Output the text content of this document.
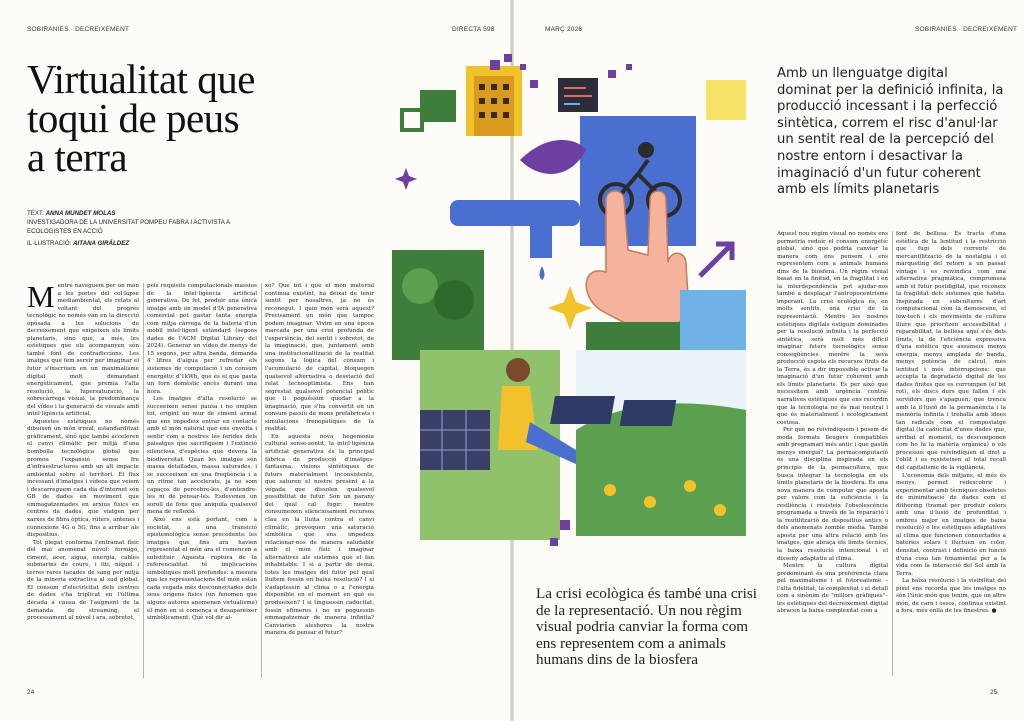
SOBIRANIES · DECREIXEMENT	DIRECTA 598	MARÇ 2026	SOBIRANIES · DECREIXEMENT
Virtualitat que toqui de peus a terra
TEXT: ANNA MUNDET MOLAS
INVESTIGADORA DE LA UNIVERSITAT POMPEU FABRA I ACTIVISTA A ECOLOGISTES EN ACCIÓ
IL·LUSTRACIÓ: AITANA GIRÁLDEZ

Mentre naveguem per un món a les portes del col·lapse mediambiental, els relats al voltant del progrés tecnològic no només van en la direcció oposada a les solucions de decreixement que exigeixen els límits planetaris, sinó que, a més, les estètiques que els acompanyen són també font de contradiccions. Les imatges que fem servir per imaginar el futur s'inscriuen en un maximalisme digital molt demandant energèticament, que premia l'alta resolució, la hipersaturació, la sobrecàrrega visual, la predominança del vídeo i la generació de visuals amb intel·ligència artificial.

Aquestes estètiques no només dibuixen un món irreal, estandarditzat gràficament, sinó que també acceleren el canvi climàtic per mitjà d'una bombolla tecnològica global que promou l'expansió sense fre d'infraestructures amb un alt impacte ambiental sobre el territori. El flux incessant d'imatges i vídeos que veiem i descarreguem cada dia d'internet són GB de dades en moviment que emmagatzemades en arxius físics en centres de dades, que viatgen per xarxes de fibra òptica, rúters, antenes i connexions 4G o 5G, fins a arribar als dispositius.

Tot plegat conforma l'entramat físic del mal anomenat núvol: formigó, ciment, acer, aigua, energia, cables submarins de coure, i liti, níquel i terres rares tacades de sang per mitjà de la mineria extractiva al sud global. El consum d'electricitat dels centres de dades s'ha triplicat en l'última dècada a causa de l'augment de la demanda de streaming, el processament al núvol i ara, sobretot,

pels requisits computacionals massius de la intel·ligència artificial generativa. De fet, produir una única imatge amb un model d'IA generativa comercial pot gastar tanta energia com mitja càrrega de la bateria d'un mòbil intel·ligent estàndard (segons dades de l'ACM Digital Library del 2024). Generar un vídeo de menys de 15 segons, per altra banda, demanda 4 litres d'aigua per refredar els sistemes de computació i un consum energètic d'1kWh, que és el que gasta un forn domèstic encès durant una hora.

Les imatges d'alta resolució se succeeixen sense pausa i no omplen tot, erigint un mur de ciment armat que ens impedeix entrar en contacte amb el món natural que ens envolta i sentir com a nostres les ferides dels paisatges que sacrifiquem i l'extinció silenciosa d'espècies que devora la biodiversitat. Quan les imatges són massa detallades, massa saturades, i se succeeixen en una freqüència i a un ritme tan accelerats, ja no som capaços de percebre-les, d'entendre-les ni de pensar-les. Esdevenen un soroll de fons que aniquila qualsevol mena de reflexió.

Això ens està portant, com a societat, a una transició epistemològica sense precedents: les imatges que fins ara havien representat el món ara el comencen a substituir. Aquesta ruptura de la referencialitat té implicacions simbòliques molt profundes: a mesura que les representacions del món estan cada vegada més desconnectades dels seus orígens físics (un fenomen que alguns autores anomenen virtualisme) el món en si comença a desaparèixer simbòlicament. Què vol dir ai-

xò? Que tot i que el món material continua existint, ha deixat de tenir sentit per nosaltres, ja no és reconegut. I quin món serà aquest? Precisament un món que tampoc podem imaginar. Vivim en una època marcada per una crisi profunda de l'experiència, del sentit i sobretot, de la imaginació, que, juntament amb una institucionalització de la realitat segons la lògica del consum i l'acumulació de capital, bloquegen qualsevol alternativa o desviació del relat tecnooptimista. Ens han segrestat qualsevol potencial polític que li poguéssim quedar a la imaginació, que s'ha convertit en un consum passiu de mons prefabricats i simulacions frenopàtiques de la realitat.

En aquesta nova hegemonia cultural sense-sentit, la intel·ligència artificial generativa és la principal fàbrica de producció d'imatges-fantasma, visions sintètiques de futurs materialment inconsistents, que saturen el nostre present a la vegada que dissolen qualsevol possibilitat de futur. Són un parany del qual cal fugir: mentre consumeixen silenciosament recursos clau en la lluita contra el canvi climàtic, provoquen una saturació simbòlica que ens impedeix relacionar-nos de manera saludable amb el món físic i imaginar alternatives als sistemes que el fan inhabitable. I si a partir de demà, totes les imatges del futur pel qual lluitem fossin en baixa resolució? I si s'adaptessin al clima o a l'energia disponible en el moment en què es produeixen? I si tinguessin caducitat, fossin efímeres i no es poguessin emmagatzemar de manera infinita? Canviarien aleshores la nostra manera de pensar el futur?

Amb un llenguatge digital dominat per la definició infinita, la producció incessant i la perfecció sintètica, correm el risc d'anul·lar un sentit real de la percepció del nostre entorn i desactivar la imaginació d'un futur coherent amb els límits planetaris
La crisi ecològica és també una crisi de la representació. Un nou règim visual podria canviar la forma com ens representem com a animals humans dins de la biosfera

Aquest nou règim visual no només ens permetria reduir el consum energètic global, sinó que podria canviar la manera com ens pensem i ens representem com a animals humans dins de la biosfera. Un règim visual basat en la finitud, en la fragilitat i en la interdependència pot ajudar-nos també a desplaçar l'antropocentrisme imperant. La crisi ecològica és, en molts sentits, una crisi de la representació. Mentre les nostres estètiques digitals estiguin dominades per la resolució infinita i la perfecció sintètica, serà molt més difícil imaginar futurs tecnològics sense conseqüències mentre la seva producció esgota els recursos finits de la Terra, és a dir impossible activar la imaginació d'un futur coherent amb els límits planetaris. És per això que necessitem amb urgència contra-narratives estètiques que ens recordin que la tecnologia no és mai neutral i que és materialment i ecològicament costosa.

Per què no reivindiquem i posem de moda formats lleugers compatibles amb programari més antic i que gastin menys energia? La permacomputació és una disciplina inspirada en els principis de la permacultura, que busca integrar la tecnologia en els límits planetaris de la biosfera. És una nova manera de computar que aposta per valors com la suficiència i la resiliència i resisteix l'obsolescència programada a través de la reparació i la reutilització de dispositius antics o dels anomenats zombie media. També aposta per una altra relació amb les imatges, que abraça els límits tècnics, la baixa resolució intencional i el disseny adaptatiu al clima.

Mentre la cultura digital predominant és una preferència clara pel maximalisme i el fotorealisme –l'alta fidelitat, la complexitat i el detall com a sinònim de "millors gràfiques"– les estètiques del decreixement digital abracen la baixa complexitat com a

font de bellesa. Es tracta d'una estètica de la lentitud i la restricció que fugi dels corrents de mercantilització de la nostàlgia i el màrqueting del retorn a un passat vintage i es reivindica com una alternativa pragmàtica, compromesa amb el futur postdigital, que reconeix la fragilitat dels sistemes que habita. Inspirada en subcultures d'art computacional com la demoscene, el low-tech i els moviments de cultura lliure que prioritzen accessibilitat i reparabilitat, la bellesa aquí s'és dels límits, la de l'eficiència expressiva d'una estètica que assumeix menys energia, menys amplada de banda, menys potència de càlcul, més lentitud i més interrupcions: que accepta la degradació digital de les dades finites que es corrompen (el bit rot), els discs durs que fallen i els servidors que s'apaguen; que trenca amb la il·lusió de la permanència i la memòria infinita i treballa amb idees tan radicals com el compostatge digital (la caducitat d'unes dades que, arribat el moment, es descomponen com ho fa la matèria orgànica) o els processos que reivindiquen el dret a l'oblit i es resisteixen al total recall del capitalisme de la vigilància.

L'economia dels mitjans, el més és menys, permet redescobrir i experimentar amb tècniques obsoletes de minimització de dades com el dithering (tramat per produir colors amb una il·lusió de profunditat i ombres major en imatges de baixa resolució) o les estètiques adaptatives al clima que funcionen connectades a bateries solars i fluctuen en color, densitat, contrast i definició en funció d'una cosa tan fonamental per a la vida com la interacció del Sol amb la Terra.

La baixa resolució i la visibilitat del píxel ens recorda que les imatges no són l'únic món que tenim, que un altre món, de carn i ossos, continua existint a fora, més enllà de les finestres. ●

24	25
